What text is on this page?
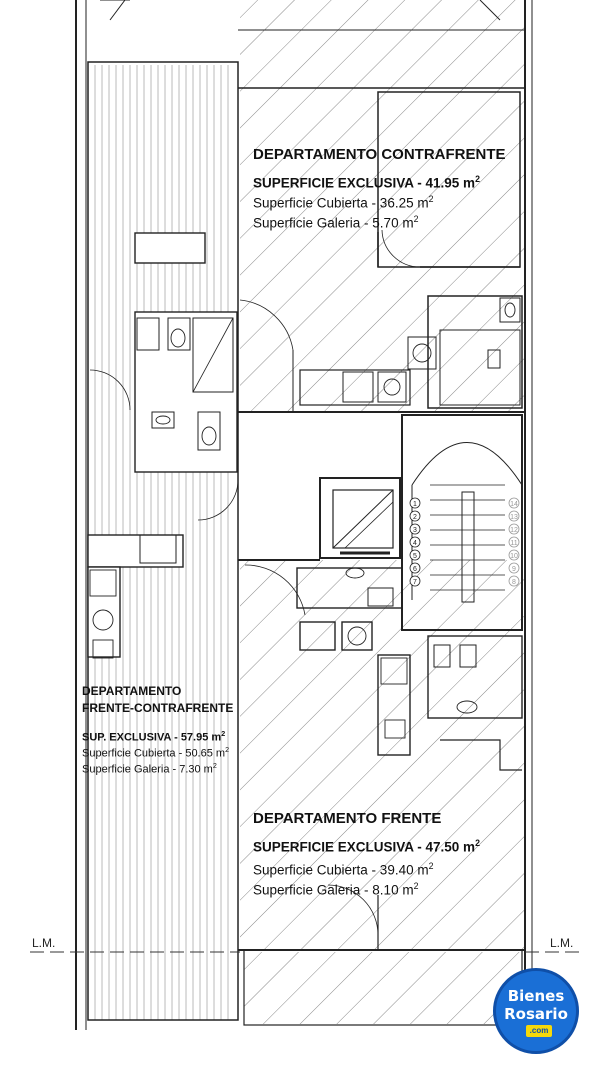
1
2
3
4
5
6
7
14
13
12
11
10
9
8
DEPARTAMENTO CONTRAFRENTE
SUPERFICIE EXCLUSIVA - 41.95 $m^2$
Superficie Cubierta - 36.25 $m^2$
Superficie Galeria - 5.70 $m^2$
DEPARTAMENTO
FRENTE-CONTRAFRENTE
SUP. EXCLUSIVA - 57.95 $m^2$
Superficie Cubierta - 50.65 $m^2$
Superficie Galeria - 7.30 $m^2$
DEPARTAMENTO FRENTE
SUPERFICIE EXCLUSIVA - 47.50 $m^2$
Superficie Cubierta - 39.40 $m^2$
Superficie Galeria - 8.10 $m^2$
L.M.	L.M.
Bienes
Rosario
.com
